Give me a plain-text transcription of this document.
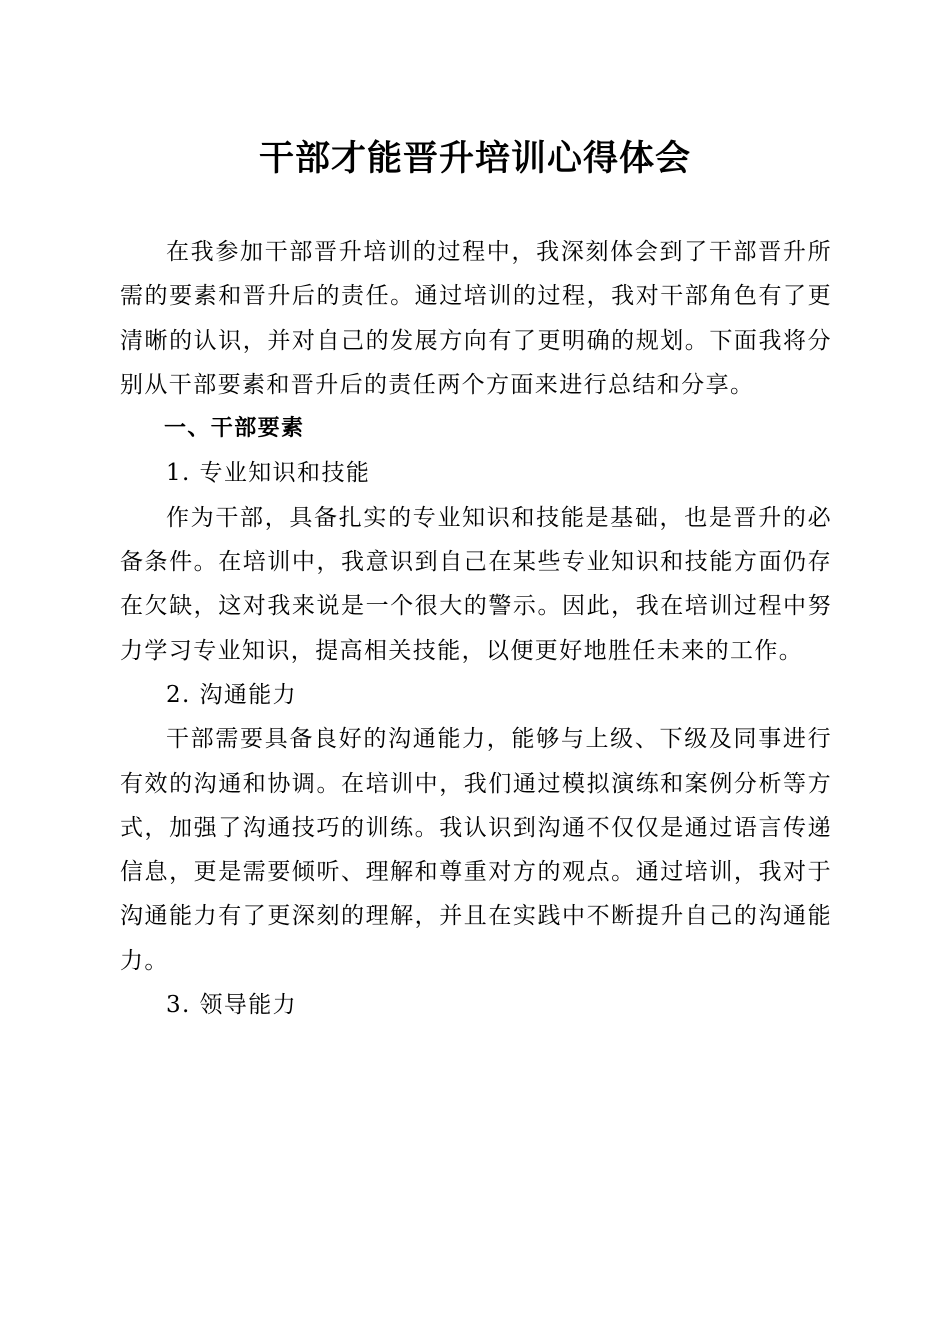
干部才能晋升培训心得体会

在我参加干部晋升培训的过程中，我深刻体会到了干部晋升所需的要素和晋升后的责任。通过培训的过程，我对干部角色有了更清晰的认识，并对自己的发展方向有了更明确的规划。下面我将分别从干部要素和晋升后的责任两个方面来进行总结和分享。

一、干部要素

1. 专业知识和技能

作为干部，具备扎实的专业知识和技能是基础，也是晋升的必备条件。在培训中，我意识到自己在某些专业知识和技能方面仍存在欠缺，这对我来说是一个很大的警示。因此，我在培训过程中努力学习专业知识，提高相关技能，以便更好地胜任未来的工作。

2. 沟通能力

干部需要具备良好的沟通能力，能够与上级、下级及同事进行有效的沟通和协调。在培训中，我们通过模拟演练和案例分析等方式，加强了沟通技巧的训练。我认识到沟通不仅仅是通过语言传递信息，更是需要倾听、理解和尊重对方的观点。通过培训，我对于沟通能力有了更深刻的理解，并且在实践中不断提升自己的沟通能力。

3. 领导能力
